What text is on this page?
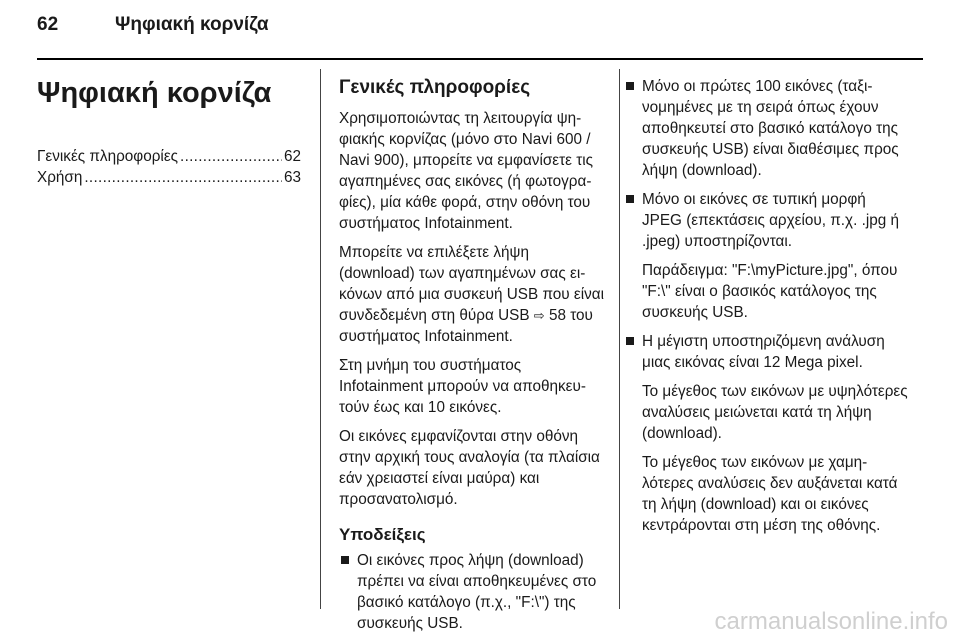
62	Ψηφιακή κορνίζα
Ψηφιακή κορνίζα
Γενικές πληροφορίες .....	62
Χρήση .....	63
Γενικές πληροφορίες

Χρησιμοποιώντας τη λειτουργία ψηφιακής κορνίζας (μόνο στο Navi 600 / Navi 900), μπορείτε να εμφανίσετε τις αγαπημένες σας εικόνες (ή φωτογραφίες), μία κάθε φορά, στην οθόνη του συστήματος Infotainment.

Μπορείτε να επιλέξετε λήψη (download) των αγαπημένων σας εικόνων από μια συσκευή USB που είναι συνδεδεμένη στη θύρα USB ⇨ 58 του συστήματος Infotainment.

Στη μνήμη του συστήματος Infotainment μπορούν να αποθηκευτούν έως και 10 εικόνες.

Οι εικόνες εμφανίζονται στην οθόνη στην αρχική τους αναλογία (τα πλαίσια εάν χρειαστεί είναι μαύρα) και προσανατολισμό.

Υποδείξεις

Οι εικόνες προς λήψη (download) πρέπει να είναι αποθηκευμένες στο βασικό κατάλογο (π.χ., "F:\") της συσκευής USB.

Μόνο οι πρώτες 100 εικόνες (ταξινομημένες με τη σειρά όπως έχουν αποθηκευτεί στο βασικό κατάλογο της συσκευής USB) είναι διαθέσιμες προς λήψη (download).

Μόνο οι εικόνες σε τυπική μορφή JPEG (επεκτάσεις αρχείου, π.χ. .jpg ή .jpeg) υποστηρίζονται.

Παράδειγμα: "F:\myPicture.jpg", όπου "F:\" είναι ο βασικός κατάλογος της συσκευής USB.

Η μέγιστη υποστηριζόμενη ανάλυση μιας εικόνας είναι 12 Mega pixel.

Το μέγεθος των εικόνων με υψηλότερες αναλύσεις μειώνεται κατά τη λήψη (download).

Το μέγεθος των εικόνων με χαμηλότερες αναλύσεις δεν αυξάνεται κατά τη λήψη (download) και οι εικόνες κεντράρονται στη μέση της οθόνης.

carmanualsonline.info
